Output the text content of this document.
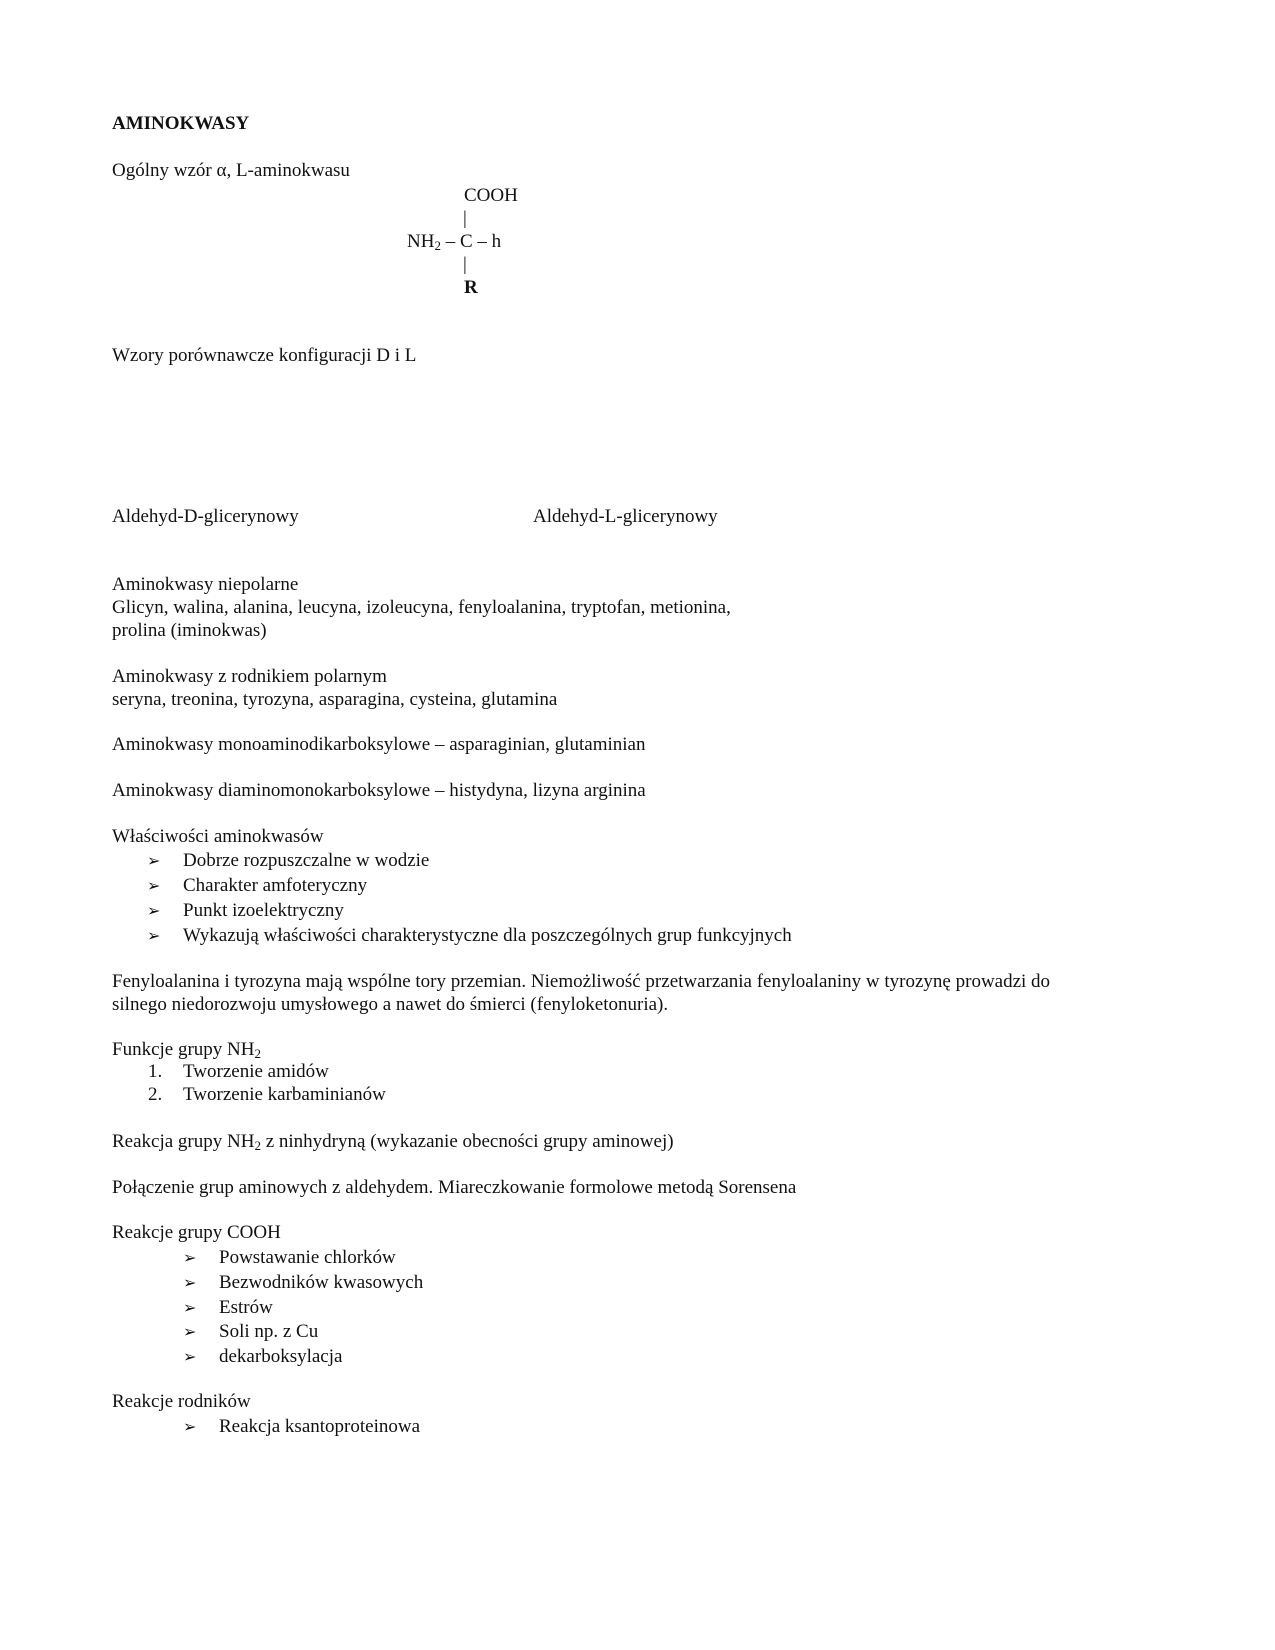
AMINOKWASY
Ogólny wzór α, L-aminokwasu
COOH
|
$NH_2$ – C – h
|
R
Wzory porównawcze konfiguracji D i L
Aldehyd-D-glicerynowy	Aldehyd-L-glicerynowy
Aminokwasy niepolarne
Glicyn, walina, alanina, leucyna, izoleucyna, fenyloalanina, tryptofan, metionina,
prolina (iminokwas)
Aminokwasy z rodnikiem polarnym
seryna, treonina, tyrozyna, asparagina, cysteina, glutamina
Aminokwasy monoaminodikarboksylowe – asparaginian, glutaminian
Aminokwasy diaminomonokarboksylowe – histydyna, lizyna arginina
Właściwości aminokwasów
➢ Dobrze rozpuszczalne w wodzie
➢ Charakter amfoteryczny
➢ Punkt izoelektryczny
➢ Wykazują właściwości charakterystyczne dla poszczególnych grup funkcyjnych
Fenyloalanina i tyrozyna mają wspólne tory przemian. Niemożliwość przetwarzania fenyloalaniny w tyrozynę prowadzi do
silnego niedorozwoju umysłowego a nawet do śmierci (fenyloketonuria).
Funkcje grupy $NH_2$
1. Tworzenie amidów
2. Tworzenie karbaminianów
Reakcja grupy $NH_2$ z ninhydryną (wykazanie obecności grupy aminowej)
Połączenie grup aminowych z aldehydem. Miareczkowanie formolowe metodą Sorensena
Reakcje grupy COOH
➢ Powstawanie chlorków
➢ Bezwodników kwasowych
➢ Estrów
➢ Soli np. z Cu
➢ dekarboksylacja
Reakcje rodników
➢ Reakcja ksantoproteinowa
